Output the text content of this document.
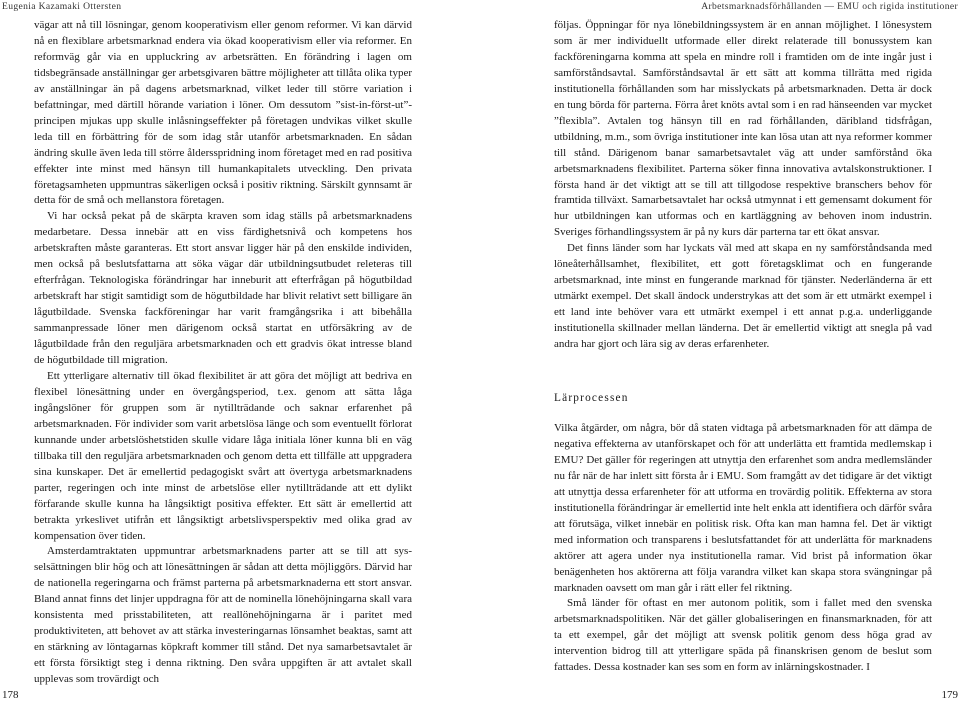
Eugenia Kazamaki Ottersten

vägar att nå till lösningar, genom kooperativism eller genom reformer. Vi kan därvid nå en flexiblare arbetsmarknad endera via ökad kooperativism eller via reformer. En reformväg går via en uppluckring av arbetsrätten. En förändring i lagen om tidsbegränsade anställningar ger arbetsgivaren bättre möjligheter att tillåta olika typer av anställningar än på dagens arbetsmarknad, vilket leder till större variation i befattningar, med därtill hörande variation i löner. Om dessutom ”sist-in-först-ut”-principen mjukas upp skulle inlåsningseffekter på företagen undvikas vilket skulle leda till en förbättring för de som idag står utanför arbetsmarknaden. En sådan ändring skulle även leda till större åldersspridning inom företaget med en rad positiva effekter inte minst med hänsyn till humankapitalets utveckling. Den privata företagsamheten uppmuntras säkerligen också i positiv riktning. Särskilt gynnsamt är detta för de små och mellanstora företagen.

Vi har också pekat på de skärpta kraven som idag ställs på arbetsmarknadens medarbetare. Dessa innebär att en viss färdighetsnivå och kompetens hos arbetskraften måste garanteras. Ett stort ansvar ligger här på den enskilde individen, men också på beslutsfattarna att söka vägar där utbildningsutbudet releteras till efterfrågan. Teknologiska förändringar har inneburit att efterfrågan på högutbildad arbetskraft har stigit samtidigt som de högutbildade har blivit relativt sett billigare än lågutbildade. Svenska fackföreningar har varit framgångsrika i att bibehålla sammanpressade löner men därigenom också startat en utförsäkring av de lågutbildade från den reguljära arbetsmarknaden och ett gradvis ökat intresse bland de högutbildade till migration.

Ett ytterligare alternativ till ökad flexibilitet är att göra det möjligt att bedriva en flexibel lönesättning under en övergångsperiod, t.ex. genom att sätta låga ingångslöner för gruppen som är nytillträdande och saknar erfarenhet på arbetsmarknaden. För individer som varit arbetslösa länge och som eventuellt förlorat kunnande under arbetslöshetstiden skulle vidare låga initiala löner kunna bli en väg tillbaka till den reguljära arbetsmarknaden och genom detta ett tillfälle att uppgradera sina kunskaper. Det är emellertid pedagogiskt svårt att övertyga arbetsmarknadens parter, regeringen och inte minst de arbetslöse eller nytillträdande att ett dylikt förfarande skulle kunna ha långsiktigt positiva effekter. Ett sätt är emellertid att betrakta yrkeslivet utifrån ett långsiktigt arbetslivsperspektiv med olika grad av kompensation över tiden.

Amsterdamtraktaten uppmuntrar arbetsmarknadens parter att se till att sysselsättningen blir hög och att lönesättningen är sådan att detta möjliggörs. Därvid har de nationella regeringarna och främst parterna på arbetsmarknaderna ett stort ansvar. Bland annat finns det linjer uppdragna för att de nominella lönehöjningarna skall vara konsistenta med prisstabiliteten, att reallönehöjningarna är i paritet med produktiviteten, att behovet av att stärka investeringarnas lönsamhet beaktas, samt att en stärkning av löntagarnas köpkraft kommer till stånd. Det nya samarbetsavtalet är ett första försiktigt steg i denna riktning. Den svåra uppgiften är att avtalet skall upplevas som trovärdigt och

178
Arbetsmarknadsförhållanden — EMU och rigida institutioner

följas. Öppningar för nya lönebildningssystem är en annan möjlighet. I lönesystem som är mer individuellt utformade eller direkt relaterade till bonussystem kan fackföreningarna komma att spela en mindre roll i framtiden om de inte ingår just i samförståndsavtal. Samförståndsavtal är ett sätt att komma tillrätta med rigida institutionella förhållanden som har misslyckats på arbetsmarknaden. Detta är dock en tung börda för parterna. Förra året knöts avtal som i en rad hänseenden var mycket ”flexibla”. Avtalen tog hänsyn till en rad förhållanden, däribland tidsfrågan, utbildning, m.m., som övriga institutioner inte kan lösa utan att nya reformer kommer till stånd. Därigenom banar samarbetsavtalet väg att under samförstånd öka arbetsmarknadens flexibilitet. Parterna söker finna innovativa avtalskonstruktioner. I första hand är det viktigt att se till att tillgodose respektive branschers behov för framtida tillväxt. Samarbetsavtalet har också utmynnat i ett gemensamt dokument för hur utbildningen kan utformas och en kartläggning av behoven inom industrin. Sveriges förhandlingssystem är på ny kurs där parterna tar ett ökat ansvar.

Det finns länder som har lyckats väl med att skapa en ny samförståndsanda med löneåterhållsamhet, flexibilitet, ett gott företagsklimat och en fungerande arbetsmarknad, inte minst en fungerande marknad för tjänster. Nederländerna är ett utmärkt exempel. Det skall ändock understrykas att det som är ett utmärkt exempel i ett land inte behöver vara ett utmärkt exempel i ett annat p.g.a. underliggande institutionella skillnader mellan länderna. Det är emellertid viktigt att snegla på vad andra har gjort och lära sig av deras erfarenheter.

Lärprocessen

Vilka åtgärder, om några, bör då staten vidtaga på arbetsmarknaden för att dämpa de negativa effekterna av utanförskapet och för att underlätta ett framtida medlemskap i EMU? Det gäller för regeringen att utnyttja den erfarenhet som andra medlemsländer nu får när de har inlett sitt första år i EMU. Som framgått av det tidigare är det viktigt att utnyttja dessa erfarenheter för att utforma en trovärdig politik. Effekterna av stora institutionella förändringar är emellertid inte helt enkla att identifiera och därför svåra att förutsäga, vilket innebär en politisk risk. Ofta kan man hamna fel. Det är viktigt med information och transparens i beslutsfattandet för att underlätta för marknadens aktörer att agera under nya institutionella ramar. Vid brist på information ökar benägenheten hos aktörerna att följa varandra vilket kan skapa stora svängningar på marknaden oavsett om man går i rätt eller fel riktning.

Små länder för oftast en mer autonom politik, som i fallet med den svenska arbetsmarknadspolitiken. När det gäller globaliseringen en finansmarknaden, för att ta ett exempel, går det möjligt att svensk politik genom dess höga grad av intervention bidrog till att ytterligare späda på finanskrisen genom de beslut som fattades. Dessa kostnader kan ses som en form av inlärningskostnader. I

179
